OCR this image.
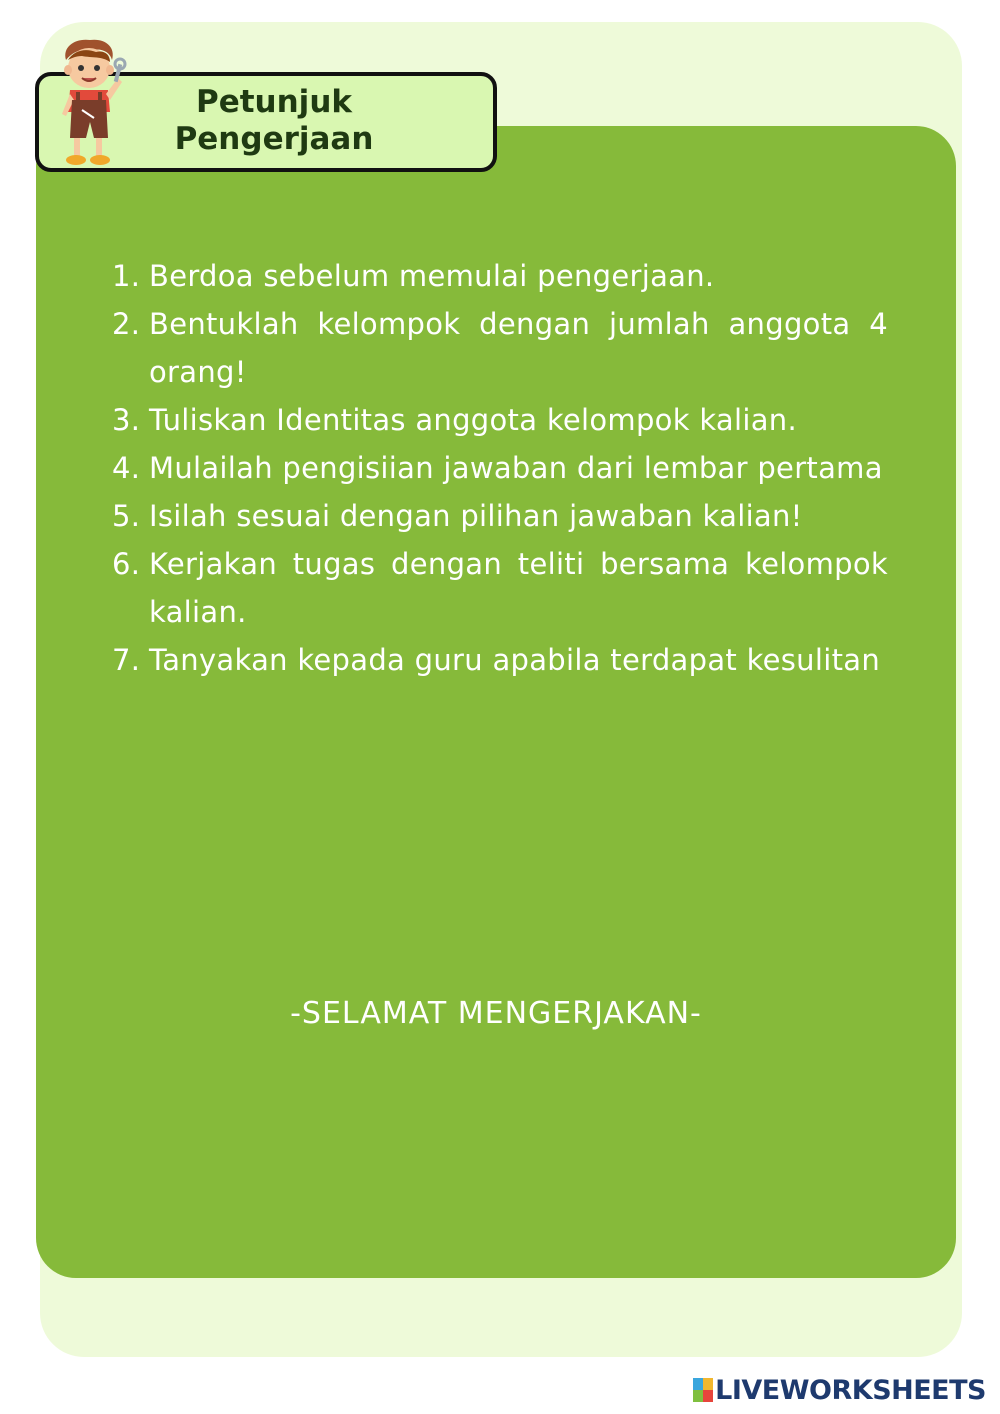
Petunjuk
Pengerjaan
1. Berdoa sebelum memulai pengerjaan.
2. Bentuklah kelompok dengan jumlah anggota 4 orang!
3. Tuliskan Identitas anggota kelompok kalian.
4. Mulailah pengisiian jawaban dari lembar pertama
5. Isilah sesuai dengan pilihan jawaban kalian!
6. Kerjakan tugas dengan teliti bersama kelompok kalian.
7. Tanyakan kepada guru apabila terdapat kesulitan
-SELAMAT MENGERJAKAN-
LIVEWORKSHEETS
